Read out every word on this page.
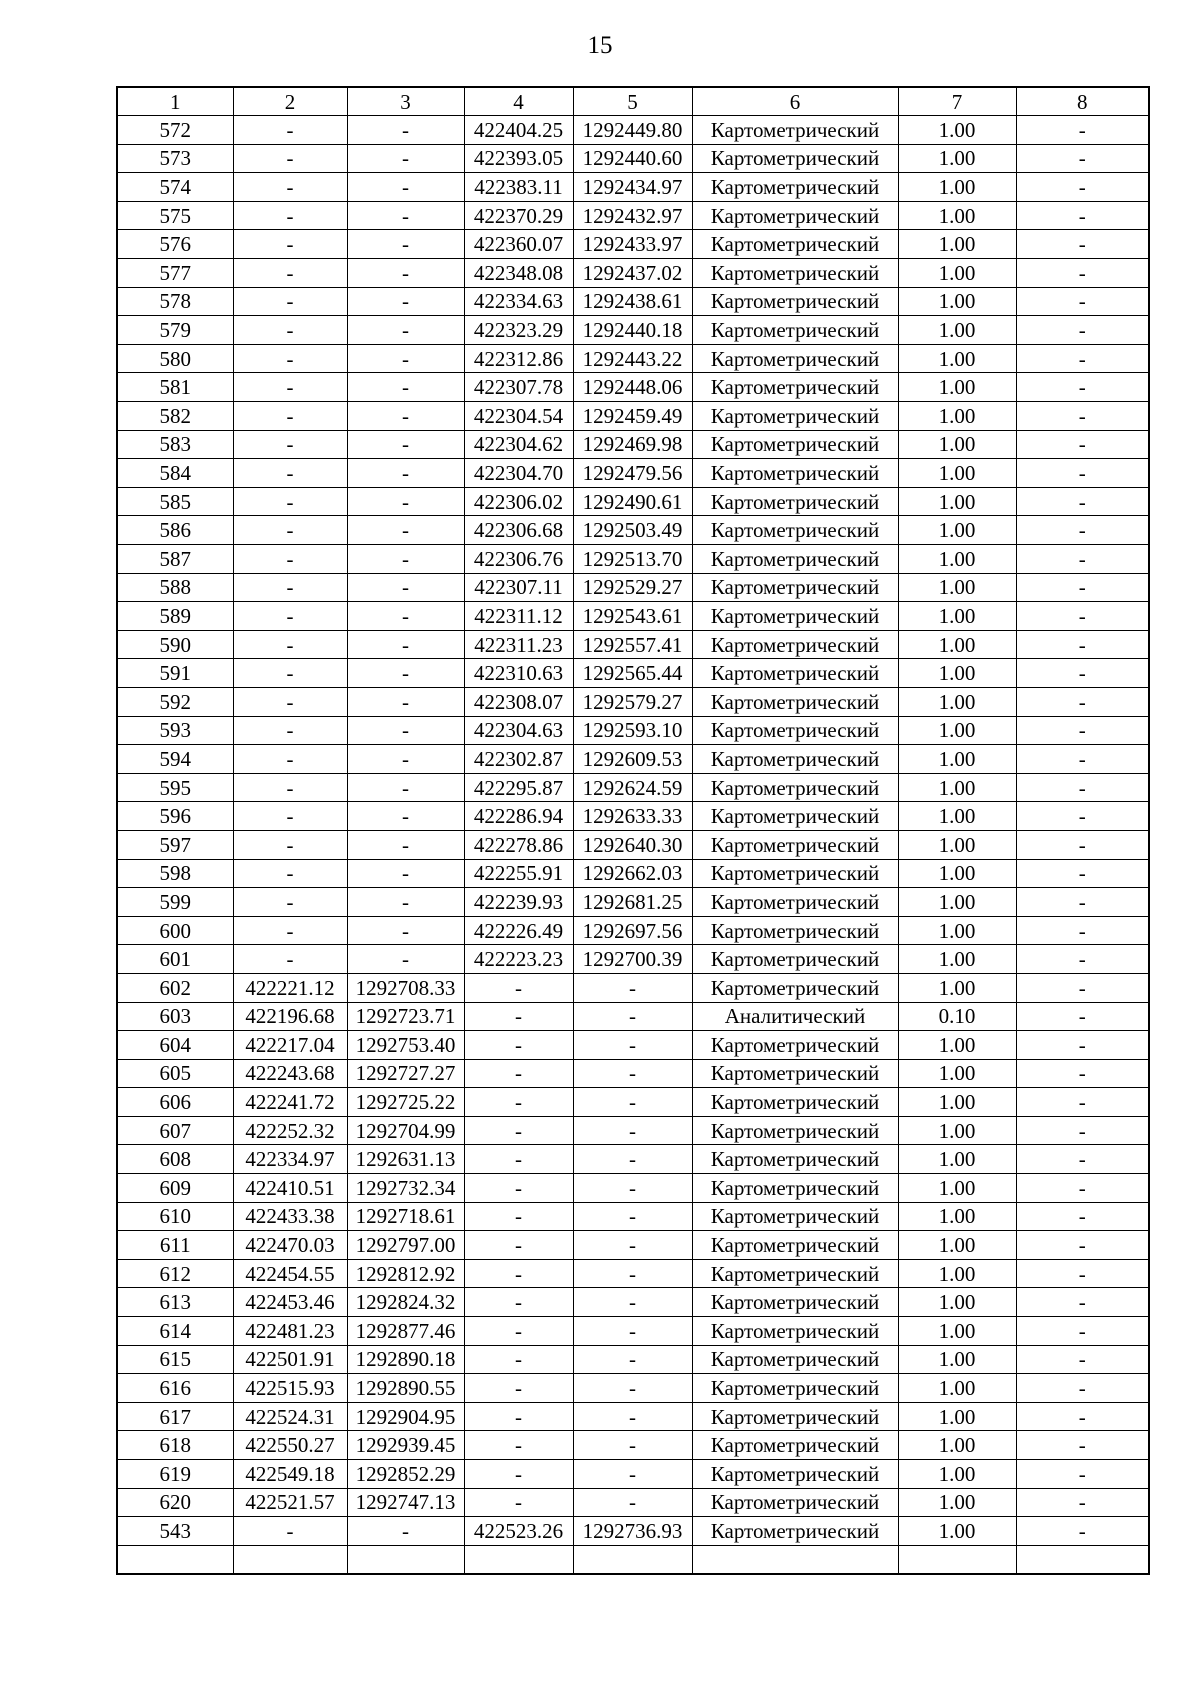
15
1	2	3	4	5	6	7	8
572	-	-	422404.25	1292449.80	Картометрический	1.00	-
573	-	-	422393.05	1292440.60	Картометрический	1.00	-
574	-	-	422383.11	1292434.97	Картометрический	1.00	-
575	-	-	422370.29	1292432.97	Картометрический	1.00	-
576	-	-	422360.07	1292433.97	Картометрический	1.00	-
577	-	-	422348.08	1292437.02	Картометрический	1.00	-
578	-	-	422334.63	1292438.61	Картометрический	1.00	-
579	-	-	422323.29	1292440.18	Картометрический	1.00	-
580	-	-	422312.86	1292443.22	Картометрический	1.00	-
581	-	-	422307.78	1292448.06	Картометрический	1.00	-
582	-	-	422304.54	1292459.49	Картометрический	1.00	-
583	-	-	422304.62	1292469.98	Картометрический	1.00	-
584	-	-	422304.70	1292479.56	Картометрический	1.00	-
585	-	-	422306.02	1292490.61	Картометрический	1.00	-
586	-	-	422306.68	1292503.49	Картометрический	1.00	-
587	-	-	422306.76	1292513.70	Картометрический	1.00	-
588	-	-	422307.11	1292529.27	Картометрический	1.00	-
589	-	-	422311.12	1292543.61	Картометрический	1.00	-
590	-	-	422311.23	1292557.41	Картометрический	1.00	-
591	-	-	422310.63	1292565.44	Картометрический	1.00	-
592	-	-	422308.07	1292579.27	Картометрический	1.00	-
593	-	-	422304.63	1292593.10	Картометрический	1.00	-
594	-	-	422302.87	1292609.53	Картометрический	1.00	-
595	-	-	422295.87	1292624.59	Картометрический	1.00	-
596	-	-	422286.94	1292633.33	Картометрический	1.00	-
597	-	-	422278.86	1292640.30	Картометрический	1.00	-
598	-	-	422255.91	1292662.03	Картометрический	1.00	-
599	-	-	422239.93	1292681.25	Картометрический	1.00	-
600	-	-	422226.49	1292697.56	Картометрический	1.00	-
601	-	-	422223.23	1292700.39	Картометрический	1.00	-
602	422221.12	1292708.33	-	-	Картометрический	1.00	-
603	422196.68	1292723.71	-	-	Аналитический	0.10	-
604	422217.04	1292753.40	-	-	Картометрический	1.00	-
605	422243.68	1292727.27	-	-	Картометрический	1.00	-
606	422241.72	1292725.22	-	-	Картометрический	1.00	-
607	422252.32	1292704.99	-	-	Картометрический	1.00	-
608	422334.97	1292631.13	-	-	Картометрический	1.00	-
609	422410.51	1292732.34	-	-	Картометрический	1.00	-
610	422433.38	1292718.61	-	-	Картометрический	1.00	-
611	422470.03	1292797.00	-	-	Картометрический	1.00	-
612	422454.55	1292812.92	-	-	Картометрический	1.00	-
613	422453.46	1292824.32	-	-	Картометрический	1.00	-
614	422481.23	1292877.46	-	-	Картометрический	1.00	-
615	422501.91	1292890.18	-	-	Картометрический	1.00	-
616	422515.93	1292890.55	-	-	Картометрический	1.00	-
617	422524.31	1292904.95	-	-	Картометрический	1.00	-
618	422550.27	1292939.45	-	-	Картометрический	1.00	-
619	422549.18	1292852.29	-	-	Картометрический	1.00	-
620	422521.57	1292747.13	-	-	Картометрический	1.00	-
543	-	-	422523.26	1292736.93	Картометрический	1.00	-
